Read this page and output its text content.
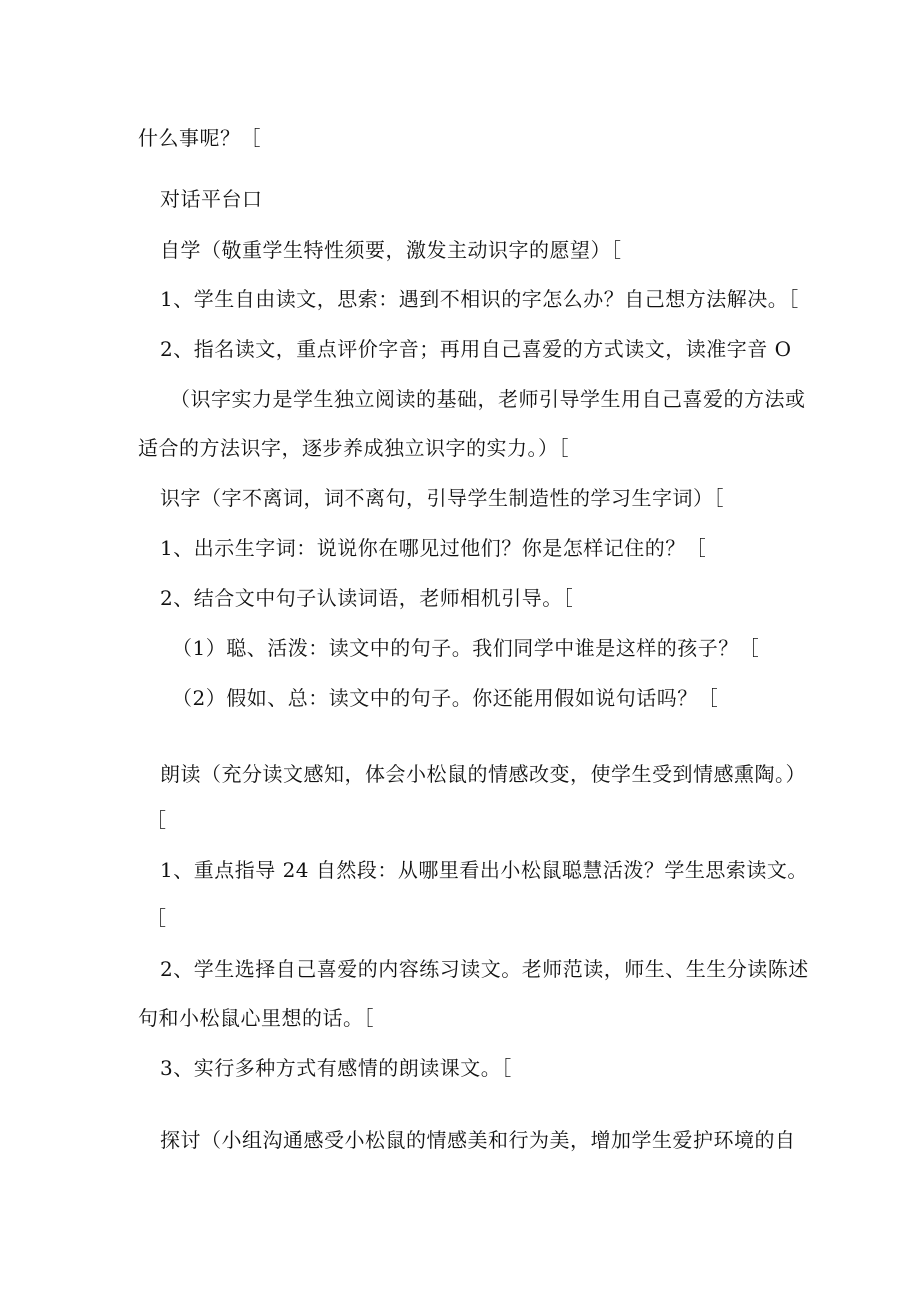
什么事呢？［
对话平台口
自学（敬重学生特性须要，激发主动识字的愿望）［
1、学生自由读文，思索：遇到不相识的字怎么办？自己想方法解决。［
2、指名读文，重点评价字音；再用自己喜爱的方式读文，读准字音 O
（识字实力是学生独立阅读的基础，老师引导学生用自己喜爱的方法或
适合的方法识字，逐步养成独立识字的实力。）［
识字（字不离词，词不离句，引导学生制造性的学习生字词）［
1、出示生字词：说说你在哪见过他们？你是怎样记住的？［
2、结合文中句子认读词语，老师相机引导。［
（1）聪、活泼：读文中的句子。我们同学中谁是这样的孩子？［
（2）假如、总：读文中的句子。你还能用假如说句话吗？［
朗读（充分读文感知，体会小松鼠的情感改变，使学生受到情感熏陶。）
［
1、重点指导 24 自然段：从哪里看出小松鼠聪慧活泼？学生思索读文。
［
2、学生选择自己喜爱的内容练习读文。老师范读，师生、生生分读陈述
句和小松鼠心里想的话。［
3、实行多种方式有感情的朗读课文。［
探讨（小组沟通感受小松鼠的情感美和行为美，增加学生爱护环境的自
